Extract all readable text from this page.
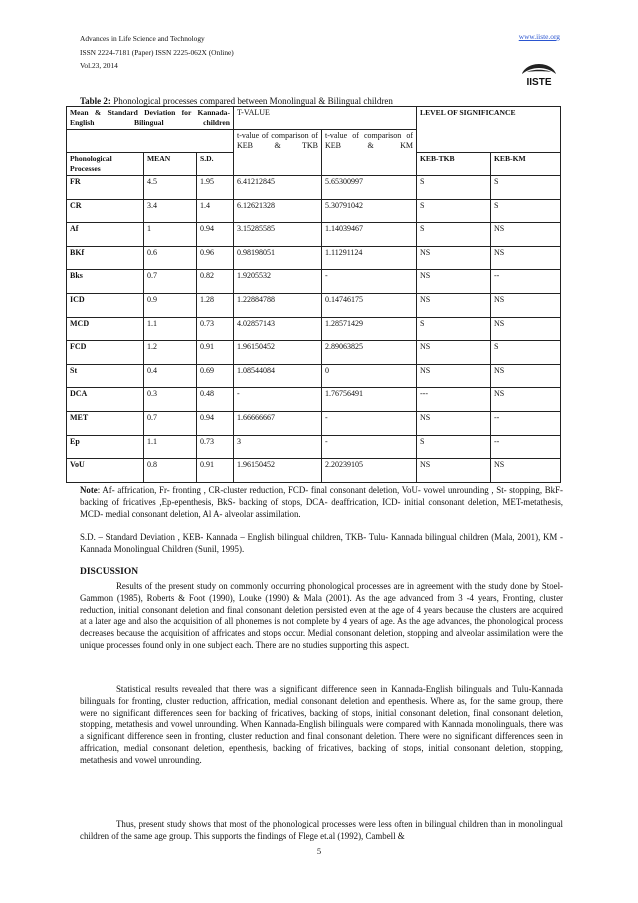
Advances in Life Science and Technology
ISSN 2224-7181 (Paper) ISSN 2225-062X (Online)
Vol.23, 2014
www.iiste.org
IISTE
Table 2: Phonological processes compared between Monolingual & Bilingual children
Mean & Standard Deviation for Kannada-English Bilingual children			T-VALUE		LEVEL OF SIGNIFICANCE	
			t-value of comparison of KEB & TKB	t-value of comparison of KEB & KM		
Phonological Processes	MEAN	S.D.			KEB-TKB	KEB-KM
FR	4.5	1.95	6.41212845	5.65300997	S	S
CR	3.4	1.4	6.12621328	5.30791042	S	S
Af	1	0.94	3.15285585	1.14039467	S	NS
BKf	0.6	0.96	0.98198051	1.11291124	NS	NS
Bks	0.7	0.82	1.9205532	-	NS	--
ICD	0.9	1.28	1.22884788	0.14746175	NS	NS
MCD	1.1	0.73	4.02857143	1.28571429	S	NS
FCD	1.2	0.91	1.96150452	2.89063825	NS	S
St	0.4	0.69	1.08544084	0	NS	NS
DCA	0.3	0.48	-	1.76756491	---	NS
MET	0.7	0.94	1.66666667	-	NS	--
Ep	1.1	0.73	3	-	S	--
VoU	0.8	0.91	1.96150452	2.20239105	NS	NS
Note: Af- affrication, Fr- fronting , CR-cluster reduction, FCD- final consonant deletion, VoU- vowel unrounding , St- stopping, BkF- backing of fricatives ,Ep-epenthesis, BkS- backing of stops, DCA- deaffrication, ICD- initial consonant deletion, MET-metathesis, MCD- medial consonant deletion, Al A- alveolar assimilation.
S.D. – Standard Deviation , KEB- Kannada – English bilingual children, TKB- Tulu- Kannada bilingual children (Mala, 2001), KM - Kannada Monolingual Children (Sunil, 1995).
DISCUSSION
Results of the present study on commonly occurring phonological processes are in agreement with the study done by Stoel-Gammon (1985), Roberts & Foot (1990), Louke (1990) & Mala (2001). As the age advanced from 3 -4 years, Fronting, cluster reduction, initial consonant deletion and final consonant deletion persisted even at the age of 4 years because the clusters are acquired at a later age and also the acquisition of all phonemes is not complete by 4 years of age. As the age advances, the phonological process decreases because the acquisition of affricates and stops occur. Medial consonant deletion, stopping and alveolar assimilation were the unique processes found only in one subject each. There are no studies supporting this aspect.
Statistical results revealed that there was a significant difference seen in Kannada-English bilinguals and Tulu-Kannada bilinguals for fronting, cluster reduction, affrication, medial consonant deletion and epenthesis. Where as, for the same group, there were no significant differences seen for backing of fricatives, backing of stops, initial consonant deletion, final consonant deletion, stopping, metathesis and vowel unrounding. When Kannada-English bilinguals were compared with Kannada monolinguals, there was a significant difference seen in fronting, cluster reduction and final consonant deletion. There were no significant differences seen in affrication, medial consonant deletion, epenthesis, backing of fricatives, backing of stops, initial consonant deletion, stopping, metathesis and vowel unrounding.
Thus, present study shows that most of the phonological processes were less often in bilingual children than in monolingual children of the same age group. This supports the findings of Flege et.al (1992), Cambell &
5
